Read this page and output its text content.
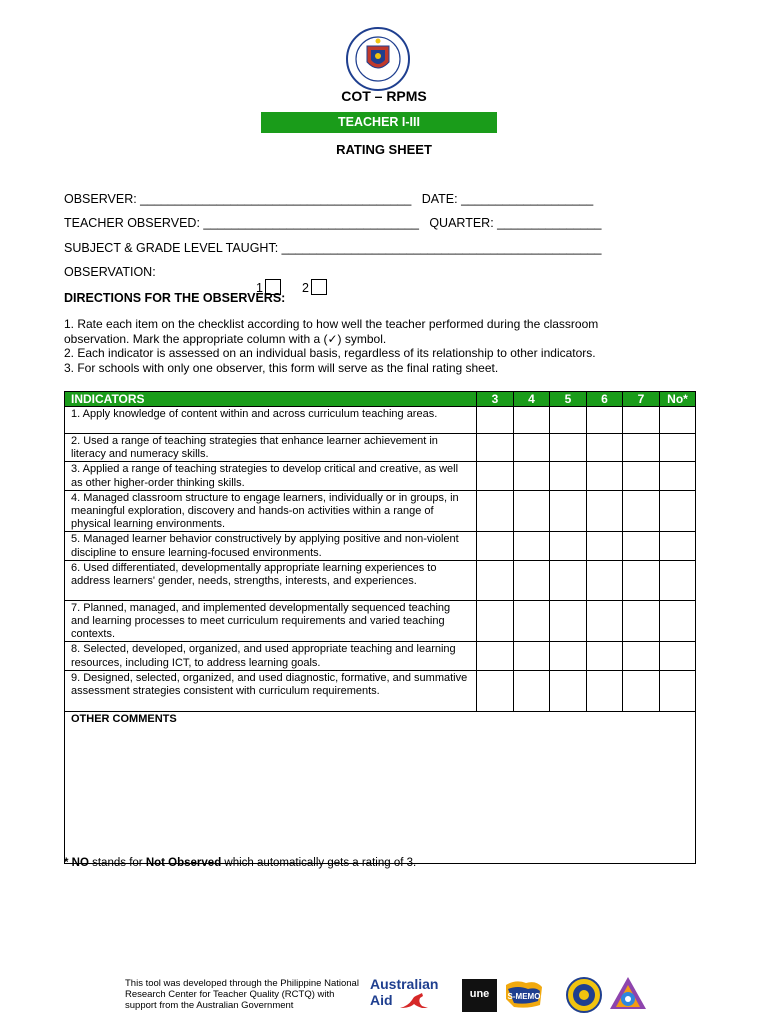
COT – RPMS
TEACHER I-III
RATING SHEET
OBSERVER: _______________________________________   DATE: ___________________
TEACHER OBSERVED: _______________________________   QUARTER: _______________
SUBJECT & GRADE LEVEL TAUGHT: ______________________________________________
OBSERVATION:

1	2

DIRECTIONS FOR THE OBSERVERS:
1. Rate each item on the checklist according to how well the teacher performed during the classroom observation. Mark the appropriate column with a (✓) symbol.
2. Each indicator is assessed on an individual basis, regardless of its relationship to other indicators.
3. For schools with only one observer, this form will serve as the final rating sheet.
INDICATORS	3	4	5	6	7	No*
1. Apply knowledge of content within and across curriculum teaching areas.						
2. Used a range of teaching strategies that enhance learner achievement in literacy and numeracy skills.						
3. Applied a range of teaching strategies to develop critical and creative, as well as other higher-order thinking skills.						
4. Managed classroom structure to engage learners, individually or in groups, in meaningful exploration, discovery and hands-on activities within a range of physical learning environments.						
5. Managed learner behavior constructively by applying positive and non-violent discipline to ensure learning-focused environments.						
6. Used differentiated, developmentally appropriate learning experiences to address learners' gender, needs, strengths, interests, and experiences.						
7. Planned, managed, and implemented developmentally sequenced teaching and learning processes to meet curriculum requirements and varied teaching contexts.						
8. Selected, developed, organized, and used appropriate teaching and learning resources, including ICT, to address learning goals.						
9. Designed, selected, organized, and used diagnostic, formative, and summative assessment strategies consistent with curriculum requirements.						
OTHER COMMENTS						
* NO stands for Not Observed which automatically gets a rating of 3.
This tool was developed through the Philippine National Research Center for Teacher Quality (RCTQ) with support from the Australian Government
Australian
Aid	une	S-MEMO
